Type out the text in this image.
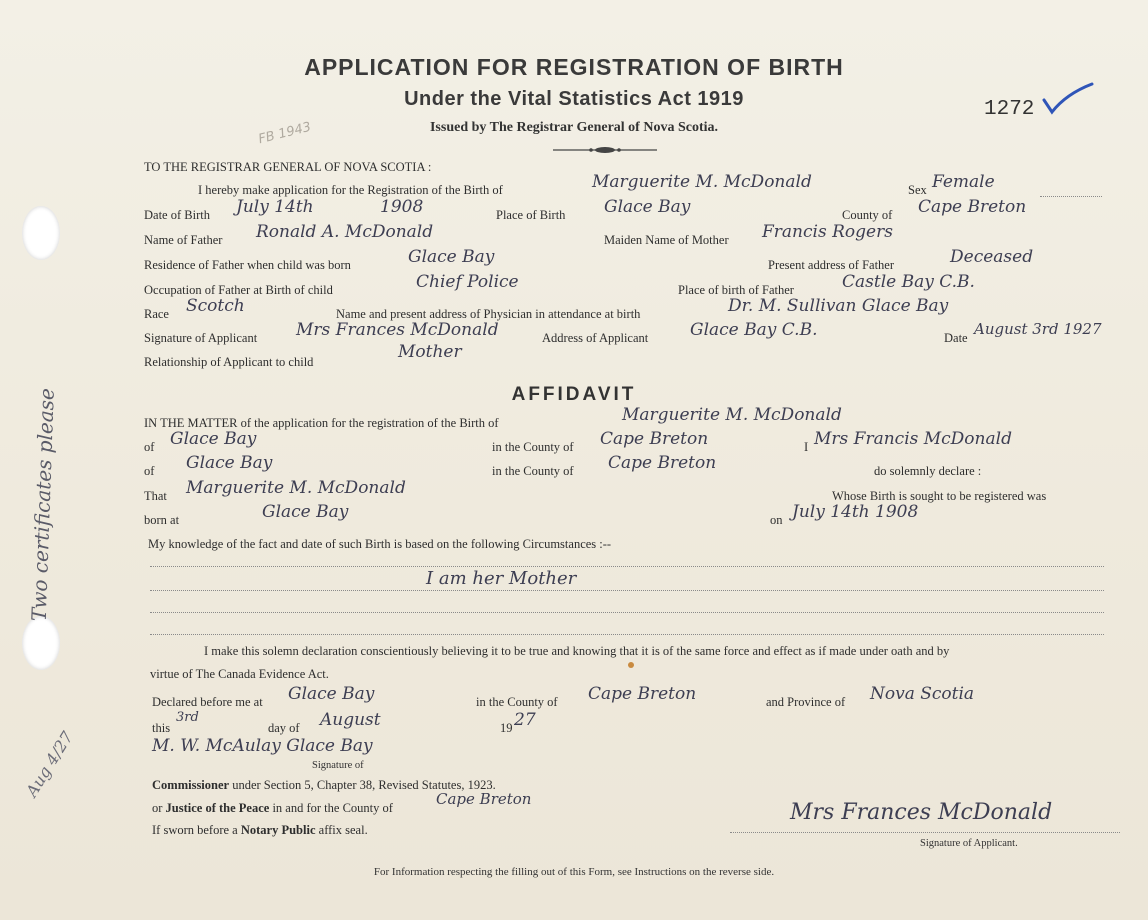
APPLICATION FOR REGISTRATION OF BIRTH
Under the Vital Statistics Act 1919
Issued by The Registrar General of Nova Scotia.
1272
FB 1943
TO THE REGISTRAR GENERAL OF NOVA SCOTIA :
I hereby make application for the Registration of the Birth of	Marguerite M. McDonald	Sex Female
Date of Birth July 14th	1908	Place of Birth Glace Bay	County of Cape Breton
Name of Father Ronald A. McDonald	Maiden Name of Mother Francis Rogers
Residence of Father when child was born	Glace Bay	Present address of Father	Deceased
Occupation of Father at Birth of child	Chief Police	Place of birth of Father	Castle Bay C.B.
Race Scotch	Name and present address of Physician in attendance at birth	Dr. M. Sullivan Glace Bay
Signature of Applicant Mrs Frances McDonald	Address of Applicant Glace Bay C.B.	Date August 3rd 1927
Relationship of Applicant to child	Mother
AFFIDAVIT
IN THE MATTER of the application for the registration of the Birth of	Marguerite M. McDonald
of Glace Bay	in the County of Cape Breton	I Mrs Francis McDonald
of Glace Bay	in the County of Cape Breton	do solemnly declare :
That Marguerite M. McDonald	Whose Birth is sought to be registered was
born at	Glace Bay	on July 14th 1908
My knowledge of the fact and date of such Birth is based on the following Circumstances :--
I am her Mother
I make this solemn declaration conscientiously believing it to be true and knowing that it is of the same force and effect as if made under oath and by
virtue of The Canada Evidence Act.
Declared before me at Glace Bay	in the County of Cape Breton	and Province of Nova Scotia
this
3rd
day of August	19 27
M. W. McAulay Glace Bay
Signature of
Commissioner under Section 5, Chapter 38, Revised Statutes, 1923.
or Justice of the Peace in and for the County of	Cape Breton
If sworn before a Notary Public affix seal.
Mrs Frances McDonald
Signature of Applicant.
Two certificates please
Aug 4/27
For Information respecting the filling out of this Form, see Instructions on the reverse side.
